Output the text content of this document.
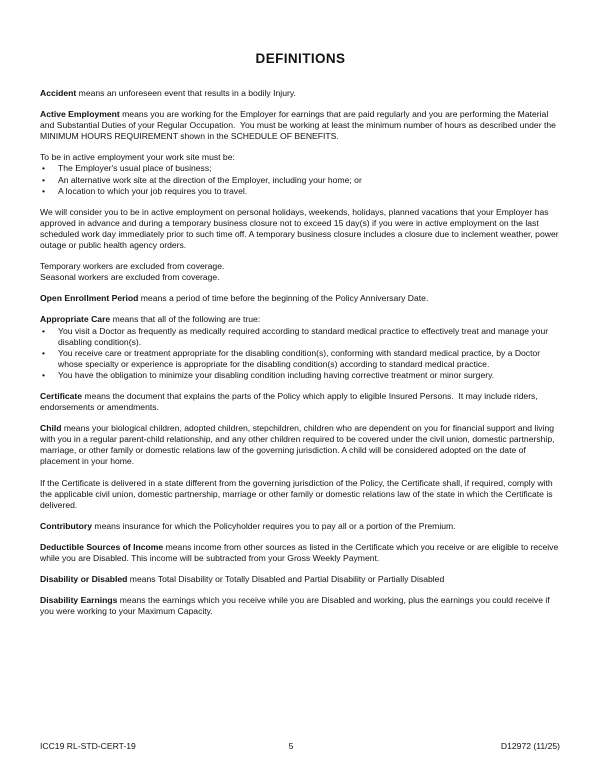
DEFINITIONS

Accident means an unforeseen event that results in a bodily Injury.

Active Employment means you are working for the Employer for earnings that are paid regularly and you are performing the Material and Substantial Duties of your Regular Occupation.  You must be working at least the minimum number of hours as described under the MINIMUM HOURS REQUIREMENT shown in the SCHEDULE OF BENEFITS.

To be in active employment your work site must be:

• The Employer's usual place of business;
• An alternative work site at the direction of the Employer, including your home; or
• A location to which your job requires you to travel.

We will consider you to be in active employment on personal holidays, weekends, holidays, planned vacations that your Employer has approved in advance and during a temporary business closure not to exceed 15 day(s) if you were in active employment on the last scheduled work day immediately prior to such time off. A temporary business closure includes a closure due to inclement weather, power outage or public health agency orders.

Temporary workers are excluded from coverage.

Seasonal workers are excluded from coverage.

Open Enrollment Period means a period of time before the beginning of the Policy Anniversary Date.

Appropriate Care means that all of the following are true:

• You visit a Doctor as frequently as medically required according to standard medical practice to effectively treat and manage your disabling condition(s).
• You receive care or treatment appropriate for the disabling condition(s), conforming with standard medical practice, by a Doctor whose specialty or experience is appropriate for the disabling condition(s) according to standard medical practice.
• You have the obligation to minimize your disabling condition including having corrective treatment or minor surgery.

Certificate means the document that explains the parts of the Policy which apply to eligible Insured Persons.  It may include riders, endorsements or amendments.

Child means your biological children, adopted children, stepchildren, children who are dependent on you for financial support and living with you in a regular parent-child relationship, and any other children required to be covered under the civil union, domestic partnership, marriage, or other family or domestic relations law of the governing jurisdiction. A child will be considered adopted on the date of placement in your home.

If the Certificate is delivered in a state different from the governing jurisdiction of the Policy, the Certificate shall, if required, comply with the applicable civil union, domestic partnership, marriage or other family or domestic relations law of the state in which the Certificate is delivered.

Contributory means insurance for which the Policyholder requires you to pay all or a portion of the Premium.

Deductible Sources of Income means income from other sources as listed in the Certificate which you receive or are eligible to receive while you are Disabled. This income will be subtracted from your Gross Weekly Payment.

Disability or Disabled means Total Disability or Totally Disabled and Partial Disability or Partially Disabled

Disability Earnings means the earnings which you receive while you are Disabled and working, plus the earnings you could receive if you were working to your Maximum Capacity.

ICC19 RL-STD-CERT-19	5	D12972 (11/25)
